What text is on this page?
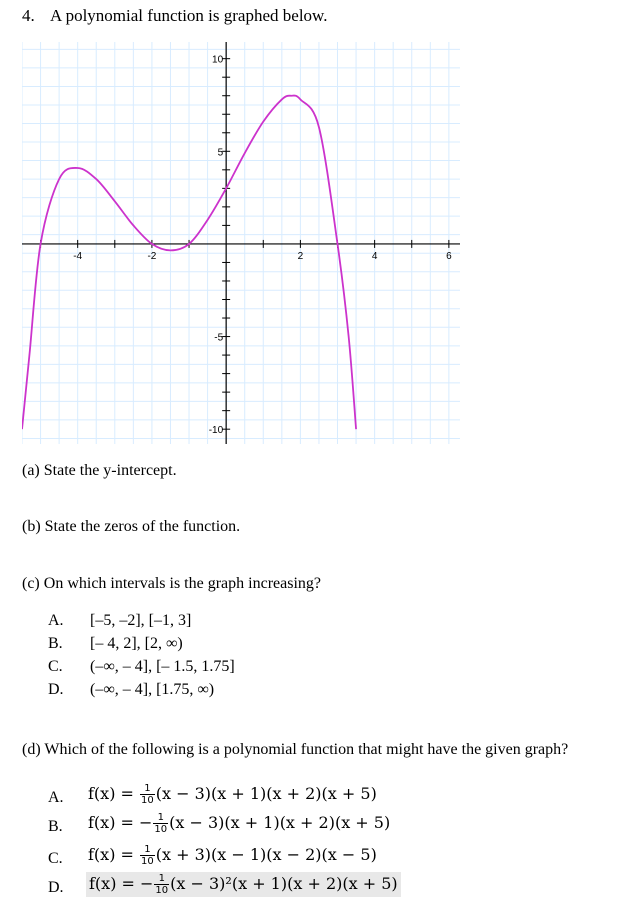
4. A polynomial function is graphed below.
-4	-2	2	4	6
10
5
-5
-10
(a) State the y-intercept.
(b) State the zeros of the function.
(c) On which intervals is the graph increasing?
A. [–5, –2], [–1, 3]
B. [– 4, 2], [2, ∞)
C. (–∞, – 4], [– 1.5, 1.75]
D. (–∞, – 4], [1.75, ∞)
(d) Which of the following is a polynomial function that might have the given graph?
A. $f(x) = \frac{1}{10} (x - 3)(x + 1)(x + 2)(x + 5)$
B. f(x) = − $\frac{1}{10} (x - 3)(x + 1)(x + 2)(x + 5)$
C. $f(x) = \frac{1}{10} (x + 3)(x - 1)(x - 2)(x - 5)$
D. f(x) = − $\frac{1}{10} (x - 3)^2(x + 1)(x + 2)(x + 5)$
